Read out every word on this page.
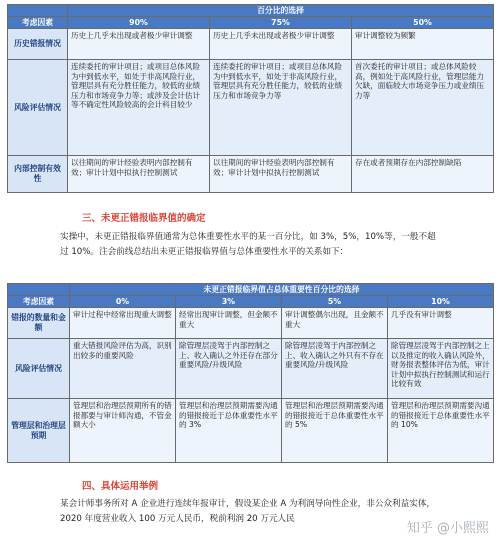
	百分比的选择		
考虑因素	90%	75%	50%
历史错报情况	历史上几乎未出现或者极少审计调整	历史上几乎未出现或者极少审计调整	审计调整较为频繁
风险评估情况	连续委托的审计项目；或项目总体风险为中到低水平，如处于非高风险行业，管理层具有充分胜任能力，较低的业绩压力和市场竞争力等；或涉及会计估计等不确定性风险较高的会计科目较少	连续委托的审计项目；或项目总体风险为中到低水平，如处于非高风险行业，管理层具有充分胜任能力，较低的业绩压力和市场竞争力等	首次委托的审计项目；或总体风险较高，例如处于高风险行业，管理层能力欠缺，面临较大市场竞争压力或业绩压力等
内部控制有效性	以往期间的审计经验表明内部控制有效；审计计划中拟执行控制测试	以往期间的审计经验表明内部控制有效；审计计划中拟执行控制测试	存在或者预期存在内部控制缺陷
三、未更正错报临界值的确定
实操中，未更正错报临界值通常为总体重要性水平的某一百分比，如 3%，5%，10%等，一般不超过 10%。注会前线总结出未更正错报临界值与总体重要性水平的关系如下：
	未更正错报临界值占总体重要性百分比的选择			
考虑因素	0%	3%	5%	10%
错报的数量和金额	审计过程中经常出现重大调整	经常出现审计调整，但金额不重大	审计调整偶尔出现，且金额不重大	几乎没有审计调整
风险评估情况	重大错报风险评估为高，识别出较多的重要风险	除管理层凌驾于内部控制之上、收入确认之外还存在部分重要风险/升级风险	除管理层凌驾于内部控制之上、收入确认之外只有不存在重要风险/升级风险	除管理层凌驾于内部控制之上以及推定的收入确认风险外，财务报表整体评估为低，审计计划中拟执行控制测试和运行比较有效
管理层和治理层预期	管理层和治理层预期所有的错报都要与审计师沟通，不管金额大小	管理层和治理层预期需要沟通的错报接近于总体重要性水平的 3%	管理层和治理层预期需要沟通的错报接近于总体重要性水平的 5%	管理层和治理层预期需要沟通的错报接近于总体重要性水平的 10%
四、具体运用举例
某会计师事务所对 A 企业进行连续年报审计，假设某企业 A 为利润导向性企业，非公众利益实体，2020 年度营业收入 100 万元人民币，税前利润 20 万元人民
知乎 @小熙熙
